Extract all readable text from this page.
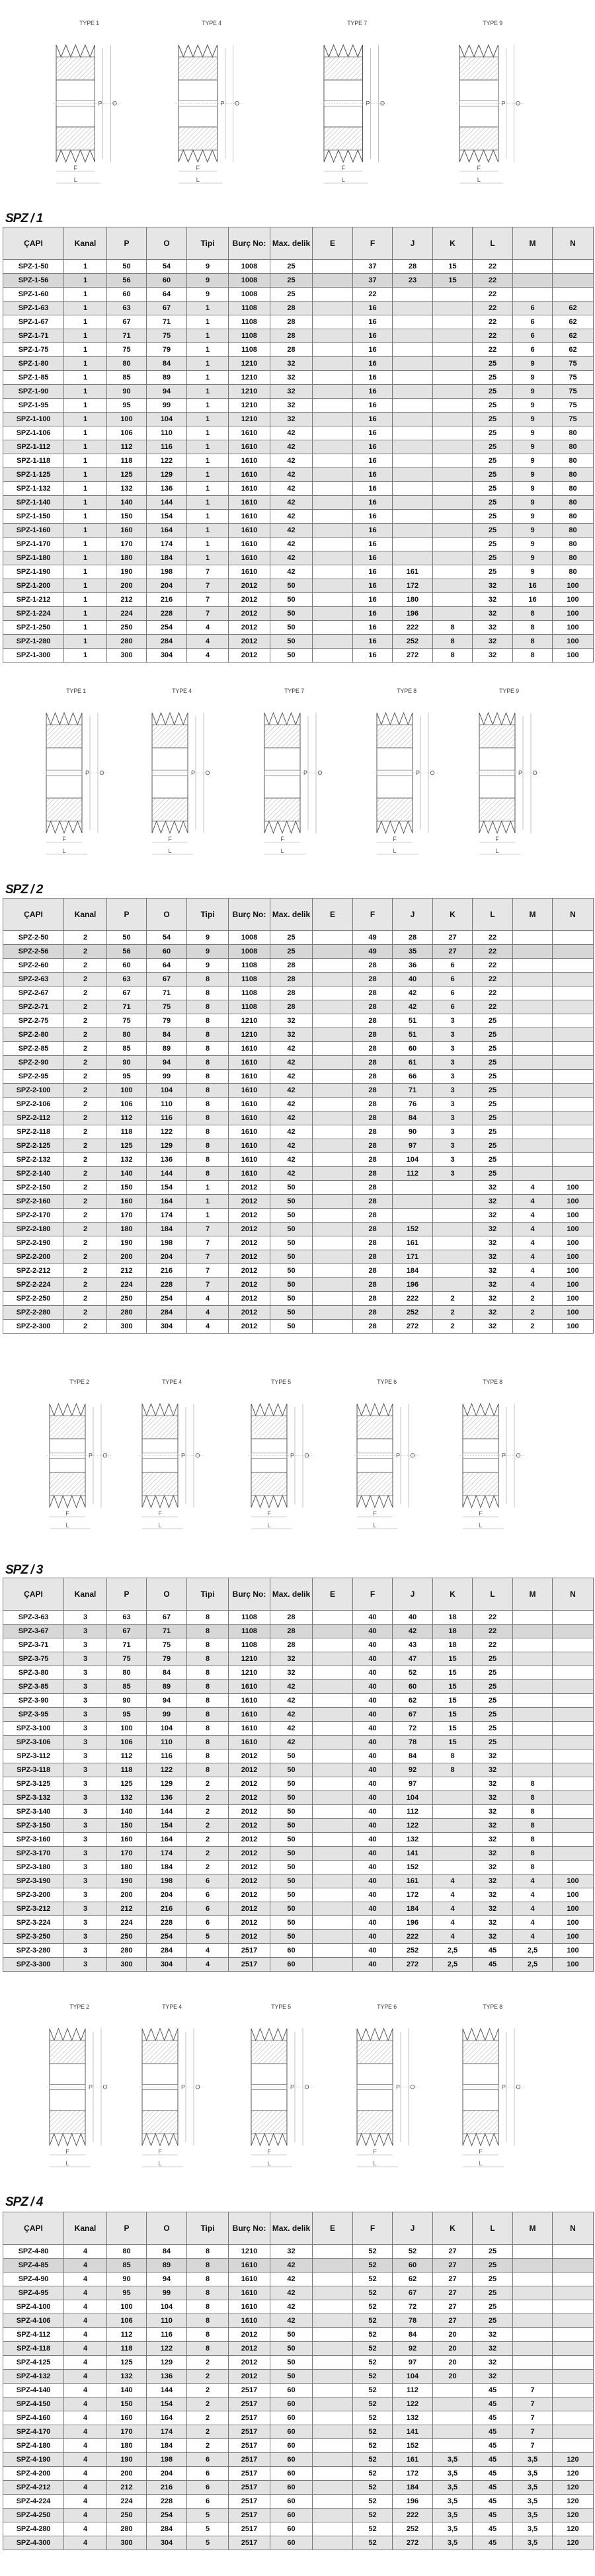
TYPE 1
P O
F
L
TYPE 4
P O
F
L
TYPE 7
P O
F
L
TYPE 9
P O
F
L
SPZ / 1
ÇAPI	Kanal	P	O	Tipi	Burç No:	Max. delik	E	F	J	K	L	M	N
SPZ-1-50	1	50	54	9	1008	25		37	28	15	22		
SPZ-1-56	1	56	60	9	1008	25		37	23	15	22		
SPZ-1-60	1	60	64	9	1008	25		22			22		
SPZ-1-63	1	63	67	1	1108	28		16			22	6	62
SPZ-1-67	1	67	71	1	1108	28		16			22	6	62
SPZ-1-71	1	71	75	1	1108	28		16			22	6	62
SPZ-1-75	1	75	79	1	1108	28		16			22	6	62
SPZ-1-80	1	80	84	1	1210	32		16			25	9	75
SPZ-1-85	1	85	89	1	1210	32		16			25	9	75
SPZ-1-90	1	90	94	1	1210	32		16			25	9	75
SPZ-1-95	1	95	99	1	1210	32		16			25	9	75
SPZ-1-100	1	100	104	1	1210	32		16			25	9	75
SPZ-1-106	1	106	110	1	1610	42		16			25	9	80
SPZ-1-112	1	112	116	1	1610	42		16			25	9	80
SPZ-1-118	1	118	122	1	1610	42		16			25	9	80
SPZ-1-125	1	125	129	1	1610	42		16			25	9	80
SPZ-1-132	1	132	136	1	1610	42		16			25	9	80
SPZ-1-140	1	140	144	1	1610	42		16			25	9	80
SPZ-1-150	1	150	154	1	1610	42		16			25	9	80
SPZ-1-160	1	160	164	1	1610	42		16			25	9	80
SPZ-1-170	1	170	174	1	1610	42		16			25	9	80
SPZ-1-180	1	180	184	1	1610	42		16			25	9	80
SPZ-1-190	1	190	198	7	1610	42		16	161		25	9	80
SPZ-1-200	1	200	204	7	2012	50		16	172		32	16	100
SPZ-1-212	1	212	216	7	2012	50		16	180		32	16	100
SPZ-1-224	1	224	228	7	2012	50		16	196		32	8	100
SPZ-1-250	1	250	254	4	2012	50		16	222	8	32	8	100
SPZ-1-280	1	280	284	4	2012	50		16	252	8	32	8	100
SPZ-1-300	1	300	304	4	2012	50		16	272	8	32	8	100
TYPE 1
P O
F
L
TYPE 4
P O
F
L
TYPE 7
P O
F
L
TYPE 8
P O
F
L
TYPE 9
P O
F
L
SPZ / 2
ÇAPI	Kanal	P	O	Tipi	Burç No:	Max. delik	E	F	J	K	L	M	N
SPZ-2-50	2	50	54	9	1008	25		49	28	27	22		
SPZ-2-56	2	56	60	9	1008	25		49	35	27	22		
SPZ-2-60	2	60	64	9	1108	28		28	36	6	22		
SPZ-2-63	2	63	67	8	1108	28		28	40	6	22		
SPZ-2-67	2	67	71	8	1108	28		28	42	6	22		
SPZ-2-71	2	71	75	8	1108	28		28	42	6	22		
SPZ-2-75	2	75	79	8	1210	32		28	51	3	25		
SPZ-2-80	2	80	84	8	1210	32		28	51	3	25		
SPZ-2-85	2	85	89	8	1610	42		28	60	3	25		
SPZ-2-90	2	90	94	8	1610	42		28	61	3	25		
SPZ-2-95	2	95	99	8	1610	42		28	66	3	25		
SPZ-2-100	2	100	104	8	1610	42		28	71	3	25		
SPZ-2-106	2	106	110	8	1610	42		28	76	3	25		
SPZ-2-112	2	112	116	8	1610	42		28	84	3	25		
SPZ-2-118	2	118	122	8	1610	42		28	90	3	25		
SPZ-2-125	2	125	129	8	1610	42		28	97	3	25		
SPZ-2-132	2	132	136	8	1610	42		28	104	3	25		
SPZ-2-140	2	140	144	8	1610	42		28	112	3	25		
SPZ-2-150	2	150	154	1	2012	50		28			32	4	100
SPZ-2-160	2	160	164	1	2012	50		28			32	4	100
SPZ-2-170	2	170	174	1	2012	50		28			32	4	100
SPZ-2-180	2	180	184	7	2012	50		28	152		32	4	100
SPZ-2-190	2	190	198	7	2012	50		28	161		32	4	100
SPZ-2-200	2	200	204	7	2012	50		28	171		32	4	100
SPZ-2-212	2	212	216	7	2012	50		28	184		32	4	100
SPZ-2-224	2	224	228	7	2012	50		28	196		32	4	100
SPZ-2-250	2	250	254	4	2012	50		28	222	2	32	2	100
SPZ-2-280	2	280	284	4	2012	50		28	252	2	32	2	100
SPZ-2-300	2	300	304	4	2012	50		28	272	2	32	2	100
TYPE 2
P O
F
L
TYPE 4
P O
F
L
TYPE 5
P O
F
L
TYPE 6
P O
F
L
TYPE 8
P O
F
L
SPZ / 3
ÇAPI	Kanal	P	O	Tipi	Burç No:	Max. delik	E	F	J	K	L	M	N
SPZ-3-63	3	63	67	8	1108	28		40	40	18	22		
SPZ-3-67	3	67	71	8	1108	28		40	42	18	22		
SPZ-3-71	3	71	75	8	1108	28		40	43	18	22		
SPZ-3-75	3	75	79	8	1210	32		40	47	15	25		
SPZ-3-80	3	80	84	8	1210	32		40	52	15	25		
SPZ-3-85	3	85	89	8	1610	42		40	60	15	25		
SPZ-3-90	3	90	94	8	1610	42		40	62	15	25		
SPZ-3-95	3	95	99	8	1610	42		40	67	15	25		
SPZ-3-100	3	100	104	8	1610	42		40	72	15	25		
SPZ-3-106	3	106	110	8	1610	42		40	78	15	25		
SPZ-3-112	3	112	116	8	2012	50		40	84	8	32		
SPZ-3-118	3	118	122	8	2012	50		40	92	8	32		
SPZ-3-125	3	125	129	2	2012	50		40	97		32	8	
SPZ-3-132	3	132	136	2	2012	50		40	104		32	8	
SPZ-3-140	3	140	144	2	2012	50		40	112		32	8	
SPZ-3-150	3	150	154	2	2012	50		40	122		32	8	
SPZ-3-160	3	160	164	2	2012	50		40	132		32	8	
SPZ-3-170	3	170	174	2	2012	50		40	141		32	8	
SPZ-3-180	3	180	184	2	2012	50		40	152		32	8	
SPZ-3-190	3	190	198	6	2012	50		40	161	4	32	4	100
SPZ-3-200	3	200	204	6	2012	50		40	172	4	32	4	100
SPZ-3-212	3	212	216	6	2012	50		40	184	4	32	4	100
SPZ-3-224	3	224	228	6	2012	50		40	196	4	32	4	100
SPZ-3-250	3	250	254	5	2012	50		40	222	4	32	4	100
SPZ-3-280	3	280	284	4	2517	60		40	252	2,5	45	2,5	100
SPZ-3-300	3	300	304	4	2517	60		40	272	2,5	45	2,5	100
TYPE 2
P O
F
L
TYPE 4
P O
F
L
TYPE 5
P O
F
L
TYPE 6
P O
F
L
TYPE 8
P O
F
L
SPZ / 4
ÇAPI	Kanal	P	O	Tipi	Burç No:	Max. delik	E	F	J	K	L	M	N
SPZ-4-80	4	80	84	8	1210	32		52	52	27	25		
SPZ-4-85	4	85	89	8	1610	42		52	60	27	25		
SPZ-4-90	4	90	94	8	1610	42		52	62	27	25		
SPZ-4-95	4	95	99	8	1610	42		52	67	27	25		
SPZ-4-100	4	100	104	8	1610	42		52	72	27	25		
SPZ-4-106	4	106	110	8	1610	42		52	78	27	25		
SPZ-4-112	4	112	116	8	2012	50		52	84	20	32		
SPZ-4-118	4	118	122	8	2012	50		52	92	20	32		
SPZ-4-125	4	125	129	2	2012	50		52	97	20	32		
SPZ-4-132	4	132	136	2	2012	50		52	104	20	32		
SPZ-4-140	4	140	144	2	2517	60		52	112		45	7	
SPZ-4-150	4	150	154	2	2517	60		52	122		45	7	
SPZ-4-160	4	160	164	2	2517	60		52	132		45	7	
SPZ-4-170	4	170	174	2	2517	60		52	141		45	7	
SPZ-4-180	4	180	184	2	2517	60		52	152		45	7	
SPZ-4-190	4	190	198	6	2517	60		52	161	3,5	45	3,5	120
SPZ-4-200	4	200	204	6	2517	60		52	172	3,5	45	3,5	120
SPZ-4-212	4	212	216	6	2517	60		52	184	3,5	45	3,5	120
SPZ-4-224	4	224	228	6	2517	60		52	196	3,5	45	3,5	120
SPZ-4-250	4	250	254	5	2517	60		52	222	3,5	45	3,5	120
SPZ-4-280	4	280	284	5	2517	60		52	252	3,5	45	3,5	120
SPZ-4-300	4	300	304	5	2517	60		52	272	3,5	45	3,5	120
